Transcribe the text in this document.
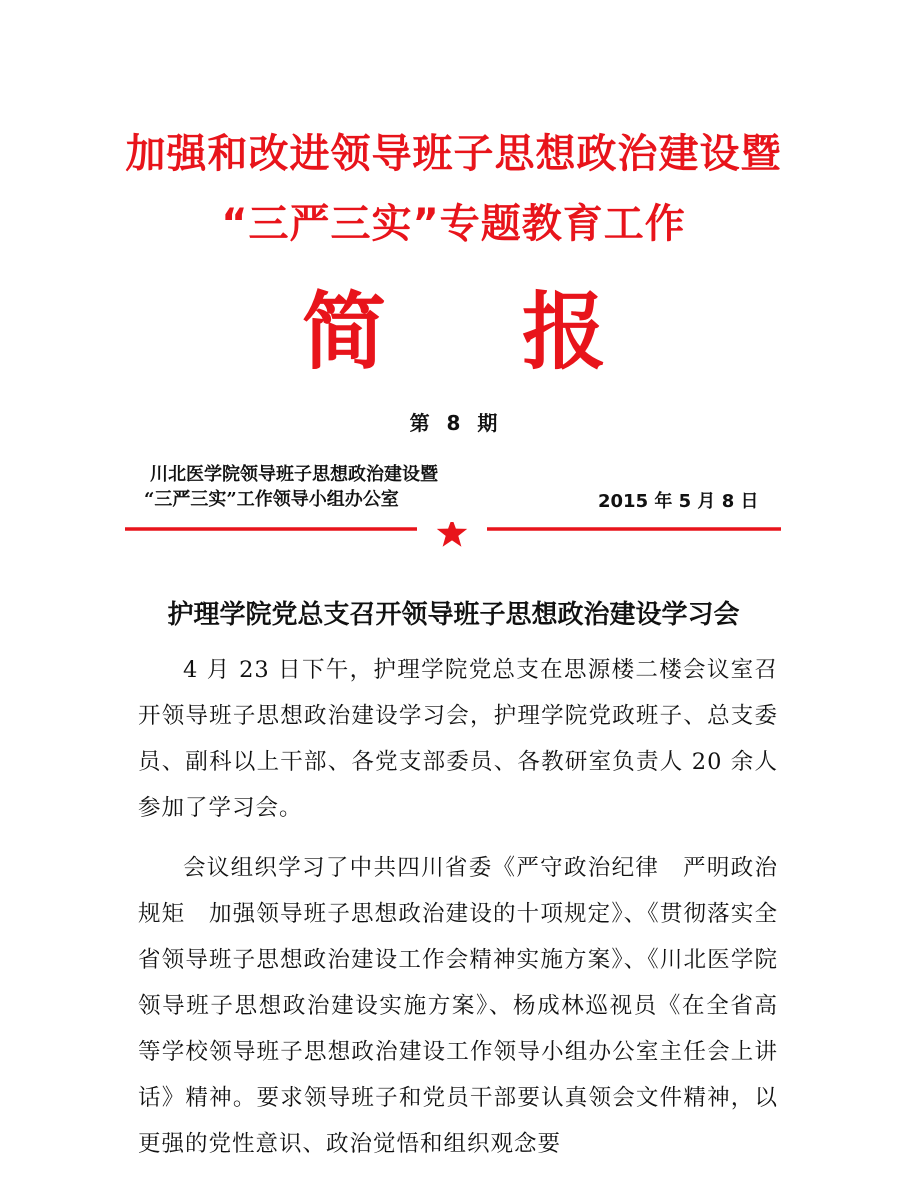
加强和改进领导班子思想政治建设暨
“三严三实”专题教育工作
简 报
第 8 期
川北医学院领导班子思想政治建设暨
“三严三实”工作领导小组办公室	2015 年 5 月 8 日
护理学院党总支召开领导班子思想政治建设学习会

4 月 23 日下午，护理学院党总支在思源楼二楼会议室召开领导班子思想政治建设学习会，护理学院党政班子、总支委员、副科以上干部、各党支部委员、各教研室负责人 20 余人参加了学习会。

会议组织学习了中共四川省委《严守政治纪律　严明政治规矩　加强领导班子思想政治建设的十项规定》、《贯彻落实全省领导班子思想政治建设工作会精神实施方案》、《川北医学院领导班子思想政治建设实施方案》、杨成林巡视员《在全省高等学校领导班子思想政治建设工作领导小组办公室主任会上讲话》精神。要求领导班子和党员干部要认真领会文件精神，以更强的党性意识、政治觉悟和组织观念要
